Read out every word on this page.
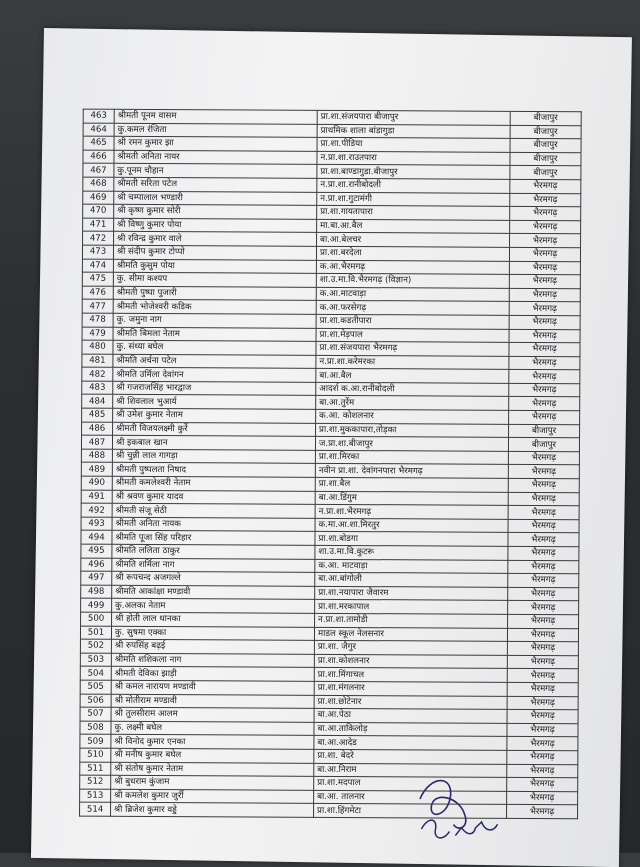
463	श्रीमती पूनम वासम	प्रा.शा.संजयपारा बीजापुर	बीजापुर
464	कु.कमल रंजिता	प्राथमिक शाला बांडागुडा	बीजापुर
465	श्री रमन कुमार झा	प्रा.शा.पीडिया	बीजापुर
466	श्रीमती अनिता नायर	न.प्रा.शा.राउतपारा	बीजापुर
467	कु.पूनम चौहान	प्रा.शा.बाण्डागुडा.बीजापुर	बीजापुर
468	श्रीमती सरिता पटेल	न.प्रा.शा.रानीबोदली	भैरमगढ़
469	श्री चम्पालाल भण्डारी	न.प्रा.शा.गुटामंगी	भैरमगढ़
470	श्री कृष्ण कुमार सोरी	प्रा.शा.गायतापारा	भैरमगढ़
471	श्री विष्णु कुमार पोया	मा.बा.आ.बैल	भैरमगढ़
472	श्री रविन्द्र कुमार वाले	बा.आ.बेलचर	भैरमगढ़
473	श्री संदीप कुमार टोप्पो	प्रा.शा.बरदेला	भैरमगढ़
474	श्रीमति कुसुम पोया	क.आ.भैरमगढ़	भैरमगढ़
475	कु. सीमा कश्यप	शा.उ.मा.वि.भैरमगढ़ (विज्ञान)	भैरमगढ़
476	श्रीमती पुष्पा पुजारी	क.आ.माटवाड़ा	भैरमगढ़
477	श्रीमती भोजेश्वरी कडिक	क.आ.फरसेगढ़	भैरमगढ़
478	कु. जमुना नाग	प्रा.शा.कडतीपारा	भैरमगढ़
479	श्रीमति बिमला नेताम	प्रा.शा.मेड़पाल	भैरमगढ़
480	कु. संध्या बघेल	प्रा.शा.संजयपारा भैरमगढ़	भैरमगढ़
481	श्रीमति अर्चना पटेल	न.प्रा.शा.करेमरका	भैरमगढ़
482	श्रीमति उर्मिला देवांगन	बा.आ.बैल	भैरमगढ़
483	श्री गजराजसिंह भारद्वाज	आदर्श क.आ.रानीबोदली	भैरमगढ़
484	श्री शिवलाल भुआर्य	बा.आ.तुर्रेम	भैरमगढ़
485	श्री उमेश कुमार नेताम	क.आ. कोशलनार	भैरमगढ़
486	श्रीमती विजयलक्ष्मी कुर्रे	प्रा.शा.मुककापारा,तोड़का	बीजापुर
487	श्री इकबाल खान	ज.प्रा.शा.बीजापुर	बीजापुर
488	श्री चुन्नी लाल गागड़ा	प्रा.शा.मिरका	भैरमगढ़
489	श्रीमती पुष्पलता निषाद	नवीन प्रा.शा. देवांगनपारा भैरमगढ़	भैरमगढ़
490	श्रीमती कमलेश्वरी नेताम	प्रा.शा.बैल	भैरमगढ़
491	श्री श्रवण कुमार यादव	बा.आ.डिंगुम	भैरमगढ़
492	श्रीमती संजू सेठी	न.प्रा.शा.भैरमगढ़	भैरमगढ़
493	श्रीमती अनिता नायक	क.मा.आ.शा.मिरतुर	भैरमगढ़
494	श्रीमति पूजा सिंह परिहार	प्रा.शा.बोडगा	भैरमगढ़
495	श्रीमति ललिता ठाकुर	शा.उ.मा.वि.कुटरू	भैरमगढ़
496	श्रीमति शर्मिला नाग	क.आ. माटवाड़ा	भैरमगढ़
497	श्री रूपचन्द अजगल्ले	बा.आ.बांगोली	भैरमगढ़
498	श्रीमति आकांक्षा मण्डावी	प्रा.शा.नयापारा जैवारम	भैरमगढ़
499	कु.अलका नेताम	प्रा.शा.मरकापाल	भैरमगढ़
500	श्री होती लाल धानका	न.प्रा.शा.तामोडी	भैरमगढ़
501	कु. सुषमा एक्का	माडल स्कूल नेलसनार	भैरमगढ़
502	श्री रुपसिंह बढ़ई	प्रा.शा. जैगुर	भैरमगढ़
503	श्रीमति शशिकला नाग	प्रा.शा.कोशलनार	भैरमगढ़
504	श्रीमती देविका झाड़ी	प्रा.शा.मिंगाचल	भैरमगढ़
505	श्री कमल नारायण मण्डावी	प्रा.शा.मंगलनार	भैरमगढ़
506	श्री मोतीराम मण्डावी	प्रा.शा.छोटेनार	भैरमगढ़
507	श्री तुलसीराम आलम	बा.आ.पेठा	भैरमगढ़
508	कु. लक्ष्मी बघेल	बा.आ.ताकिलोड़	भैरमगढ़
509	श्री विनोद कुमार एनका	बा.आ.आदेड	भैरमगढ़
510	श्री मनीष कुमार बघेल	प्रा.शा. बेदरे	भैरमगढ़
511	श्री संतोष कुमार नेताम	बा.आ.निराम	भैरमगढ़
512	श्री बुधराम कुंजाम	प्रा.शा.मदपाल	भैरमगढ़
513	श्री कमलेश कुमार जुर्री	बा.आ. तालनार	भैरमगढ़
514	श्री ब्रिजेश कुमार वड्डे	प्रा.शा.हिंगमेटा	भैरमगढ़
